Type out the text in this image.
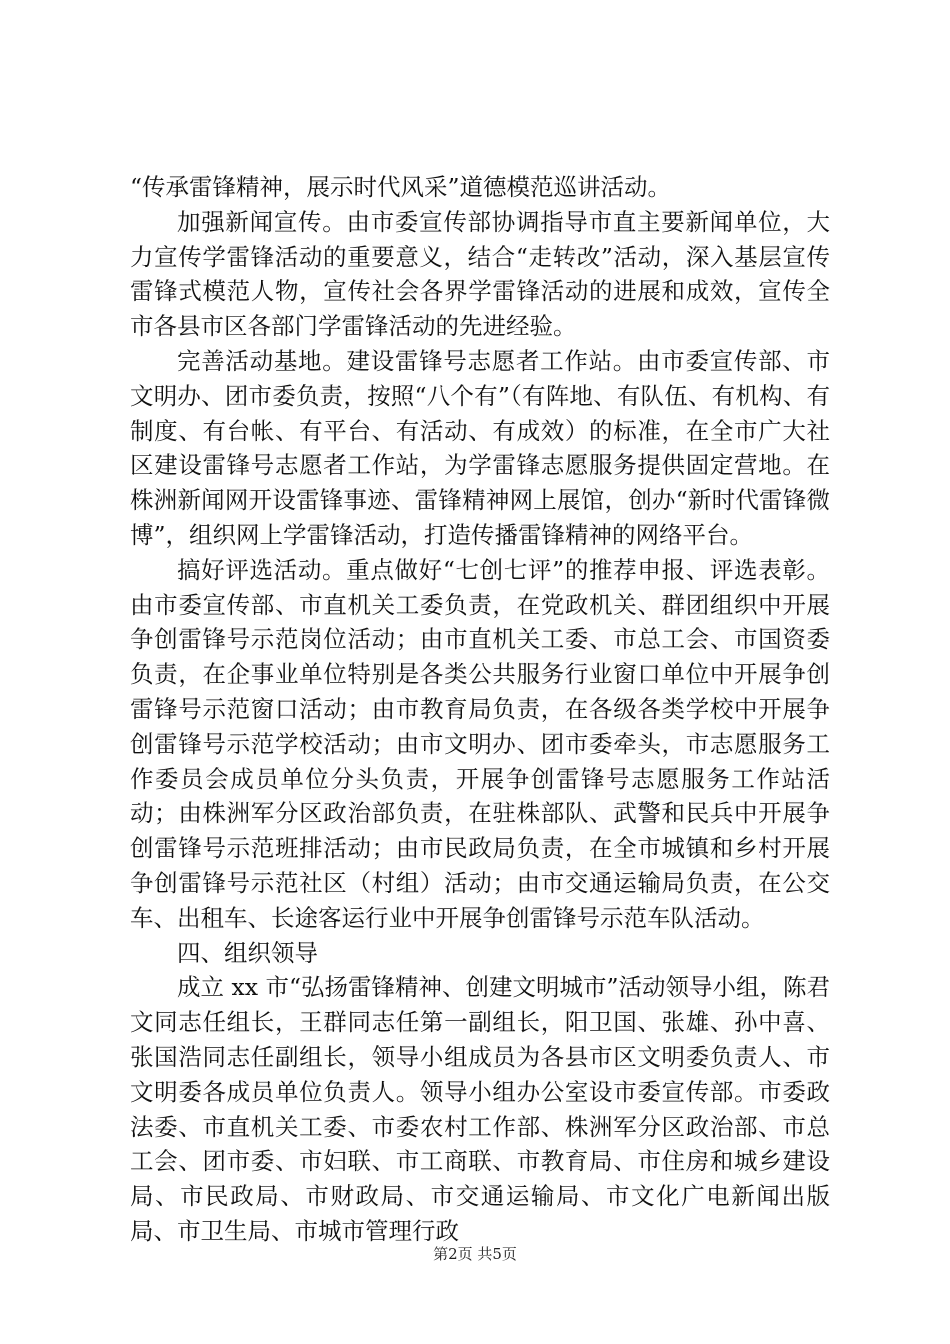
“传承雷锋精神，展示时代风采”道德模范巡讲活动。

加强新闻宣传。由市委宣传部协调指导市直主要新闻单位，大力宣传学雷锋活动的重要意义，结合“走转改”活动，深入基层宣传雷锋式模范人物，宣传社会各界学雷锋活动的进展和成效，宣传全市各县市区各部门学雷锋活动的先进经验。

完善活动基地。建设雷锋号志愿者工作站。由市委宣传部、市文明办、团市委负责，按照“八个有”（有阵地、有队伍、有机构、有制度、有台帐、有平台、有活动、有成效）的标准，在全市广大社区建设雷锋号志愿者工作站，为学雷锋志愿服务提供固定营地。在株洲新闻网开设雷锋事迹、雷锋精神网上展馆，创办“新时代雷锋微博”，组织网上学雷锋活动，打造传播雷锋精神的网络平台。

搞好评选活动。重点做好“七创七评”的推荐申报、评选表彰。由市委宣传部、市直机关工委负责，在党政机关、群团组织中开展争创雷锋号示范岗位活动；由市直机关工委、市总工会、市国资委负责，在企事业单位特别是各类公共服务行业窗口单位中开展争创雷锋号示范窗口活动；由市教育局负责，在各级各类学校中开展争创雷锋号示范学校活动；由市文明办、团市委牵头，市志愿服务工作委员会成员单位分头负责，开展争创雷锋号志愿服务工作站活动；由株洲军分区政治部负责，在驻株部队、武警和民兵中开展争创雷锋号示范班排活动；由市民政局负责，在全市城镇和乡村开展争创雷锋号示范社区（村组）活动；由市交通运输局负责，在公交车、出租车、长途客运行业中开展争创雷锋号示范车队活动。

四、组织领导

成立 xx 市“弘扬雷锋精神、创建文明城市”活动领导小组，陈君文同志任组长，王群同志任第一副组长，阳卫国、张雄、孙中喜、张国浩同志任副组长，领导小组成员为各县市区文明委负责人、市文明委各成员单位负责人。领导小组办公室设市委宣传部。市委政法委、市直机关工委、市委农村工作部、株洲军分区政治部、市总工会、团市委、市妇联、市工商联、市教育局、市住房和城乡建设局、市民政局、市财政局、市交通运输局、市文化广电新闻出版局、市卫生局、市城市管理行政

第2页 共5页
